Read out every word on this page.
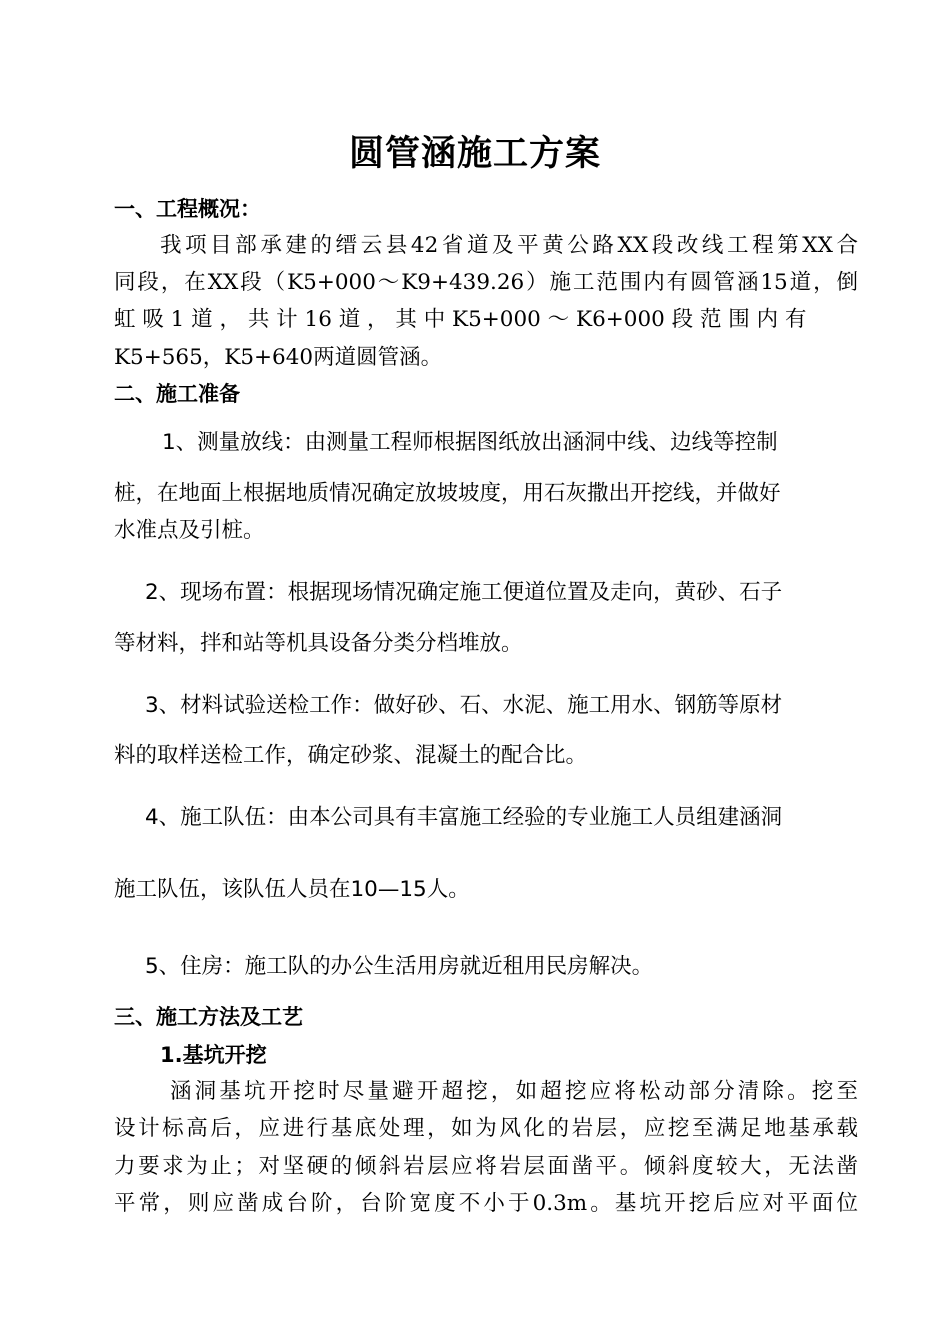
圆管涵施工方案
一、工程概况：
我项目部承建的缙云县42省道及平黄公路XX段改线工程第XX合
同段，在XX段（K5+000～K9+439.26）施工范围内有圆管涵15道，倒
虹 吸 1 道 ， 共 计 16 道 ， 其 中 K5+000 ～ K6+000 段 范 围 内 有
K5+565，K5+640两道圆管涵。
二、施工准备
1、测量放线：由测量工程师根据图纸放出涵洞中线、边线等控制
桩，在地面上根据地质情况确定放坡坡度，用石灰撒出开挖线，并做好
水准点及引桩。
2、现场布置：根据现场情况确定施工便道位置及走向，黄砂、石子
等材料，拌和站等机具设备分类分档堆放。
3、材料试验送检工作：做好砂、石、水泥、施工用水、钢筋等原材
料的取样送检工作，确定砂浆、混凝土的配合比。
4、施工队伍：由本公司具有丰富施工经验的专业施工人员组建涵洞
施工队伍，该队伍人员在10—15人。
5、住房：施工队的办公生活用房就近租用民房解决。
三、施工方法及工艺
1.基坑开挖
涵洞基坑开挖时尽量避开超挖，如超挖应将松动部分清除。挖至
设计标高后，应进行基底处理，如为风化的岩层，应挖至满足地基承载
力要求为止；对坚硬的倾斜岩层应将岩层面凿平。倾斜度较大，无法凿
平常，则应凿成台阶，台阶宽度不小于0.3m。基坑开挖后应对平面位
